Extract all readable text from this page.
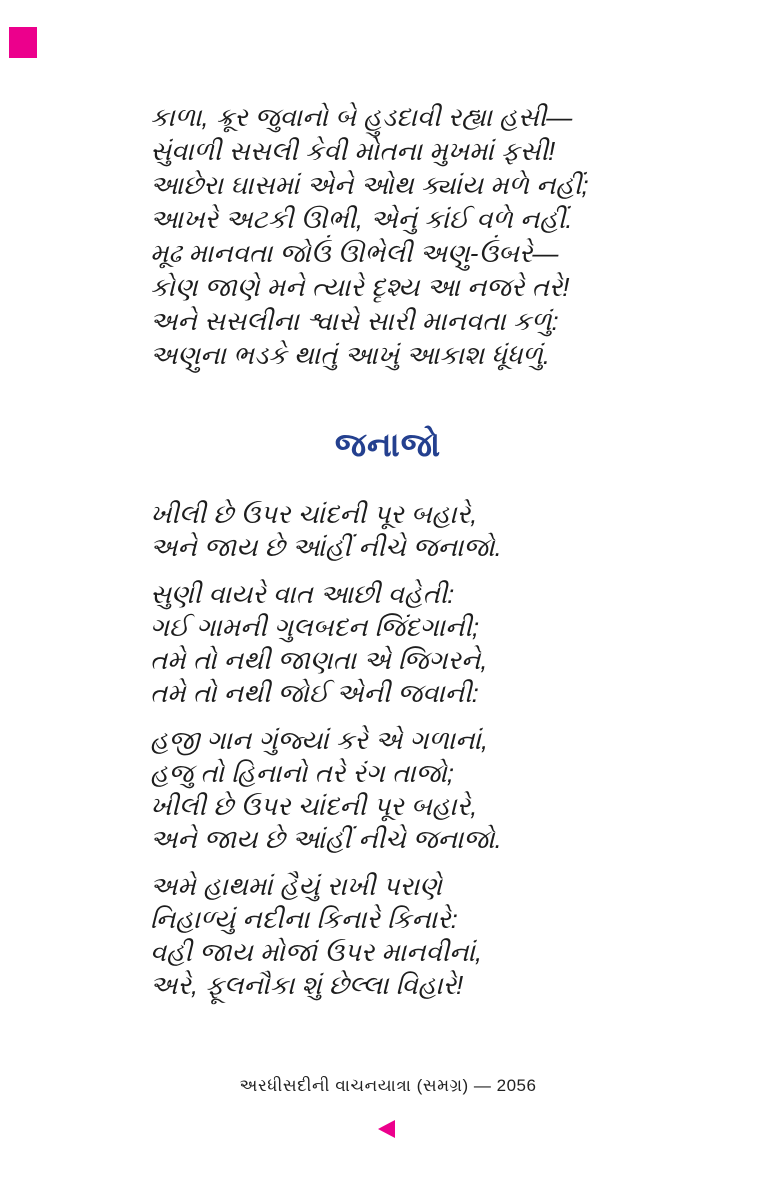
કાળા, ક્રૂર જુવાનો બે હુડદાવી રહ્યા હસી—
સુંવાળી સસલી કેવી મોતના મુખમાં ફસી!
આછેરા ઘાસમાં એને ઓથ ક્યાંય મળે નહીં;
આખરે અટકી ઊભી, એનું કાંઈ વળે નહીં.
મૂઢ માનવતા જોઉં ઊભેલી અણુ-ઉંબરે—
કોણ જાણે મને ત્યારે દૃશ્ય આ નજરે તરે!
અને સસલીના શ્વાસે સારી માનવતા કળું:
અણુના ભડકે થાતું આખું આકાશ ધૂંધળું.
જનાજો
ખીલી છે ઉપર ચાંદની પૂર બહારે,
અને જાય છે આંહીં નીચે જનાજો.
સુણી વાયરે વાત આછી વહેતી:
ગઈ ગામની ગુલબદન જિંદગાની;
તમે તો નથી જાણતા એ જિગરને,
તમે તો નથી જોઈ એની જવાની:
હજી ગાન ગુંજ્યાં કરે એ ગળાનાં,
હજુ તો હિનાનો તરે રંગ તાજો;
ખીલી છે ઉપર ચાંદની પૂર બહારે,
અને જાય છે આંહીં નીચે જનાજો.
અમે હાથમાં હૈયું રાખી પરાણે
નિહાળ્યું નદીના કિનારે કિનારે:
વહી જાય મોજાં ઉપર માનવીનાં,
અરે, ફૂલનૌકા શું છેલ્લા વિહારે!
અરધીસદીની વાચનયાત્રા (સમગ્ર) — 2056
